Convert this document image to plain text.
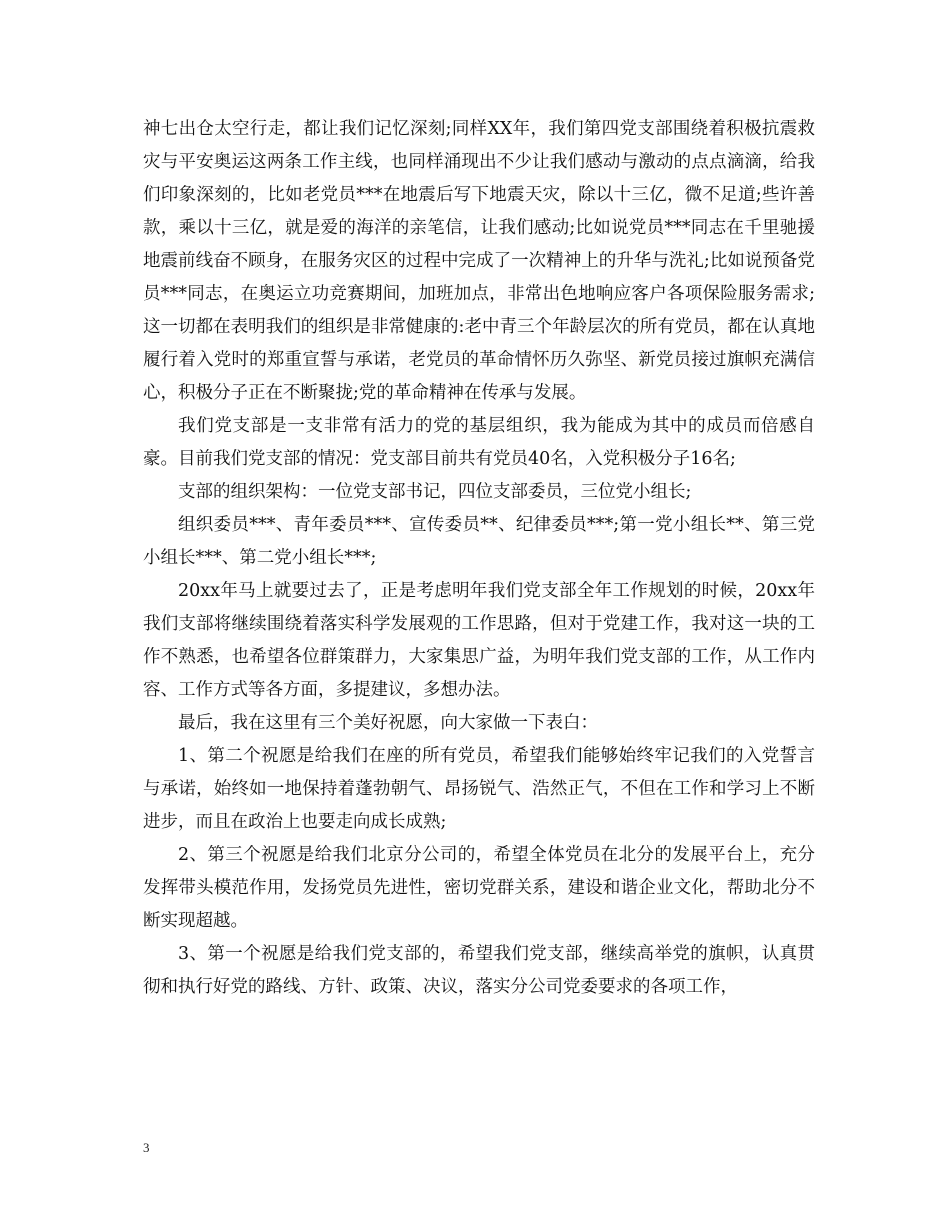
神七出仓太空行走，都让我们记忆深刻;同样XX年，我们第四党支部围绕着积极抗震救灾与平安奥运这两条工作主线，也同样涌现出不少让我们感动与激动的点点滴滴，给我们印象深刻的，比如老党员***在地震后写下地震天灾，除以十三亿，微不足道;些许善款，乘以十三亿，就是爱的海洋的亲笔信，让我们感动;比如说党员***同志在千里驰援地震前线奋不顾身，在服务灾区的过程中完成了一次精神上的升华与洗礼;比如说预备党员***同志，在奥运立功竞赛期间，加班加点，非常出色地响应客户各项保险服务需求;这一切都在表明我们的组织是非常健康的:老中青三个年龄层次的所有党员，都在认真地履行着入党时的郑重宣誓与承诺，老党员的革命情怀历久弥坚、新党员接过旗帜充满信心，积极分子正在不断聚拢;党的革命精神在传承与发展。

我们党支部是一支非常有活力的党的基层组织，我为能成为其中的成员而倍感自豪。目前我们党支部的情况：党支部目前共有党员40名，入党积极分子16名;

支部的组织架构：一位党支部书记，四位支部委员，三位党小组长;

组织委员***、青年委员***、宣传委员**、纪律委员***;第一党小组长**、第三党小组长***、第二党小组长***;

20xx年马上就要过去了，正是考虑明年我们党支部全年工作规划的时候，20xx年我们支部将继续围绕着落实科学发展观的工作思路，但对于党建工作，我对这一块的工作不熟悉，也希望各位群策群力，大家集思广益，为明年我们党支部的工作，从工作内容、工作方式等各方面，多提建议，多想办法。

最后，我在这里有三个美好祝愿，向大家做一下表白：

1、第二个祝愿是给我们在座的所有党员，希望我们能够始终牢记我们的入党誓言与承诺，始终如一地保持着蓬勃朝气、昂扬锐气、浩然正气，不但在工作和学习上不断进步，而且在政治上也要走向成长成熟;

2、第三个祝愿是给我们北京分公司的，希望全体党员在北分的发展平台上，充分发挥带头模范作用，发扬党员先进性，密切党群关系，建设和谐企业文化，帮助北分不断实现超越。

3、第一个祝愿是给我们党支部的，希望我们党支部，继续高举党的旗帜，认真贯彻和执行好党的路线、方针、政策、决议，落实分公司党委要求的各项工作，

3
